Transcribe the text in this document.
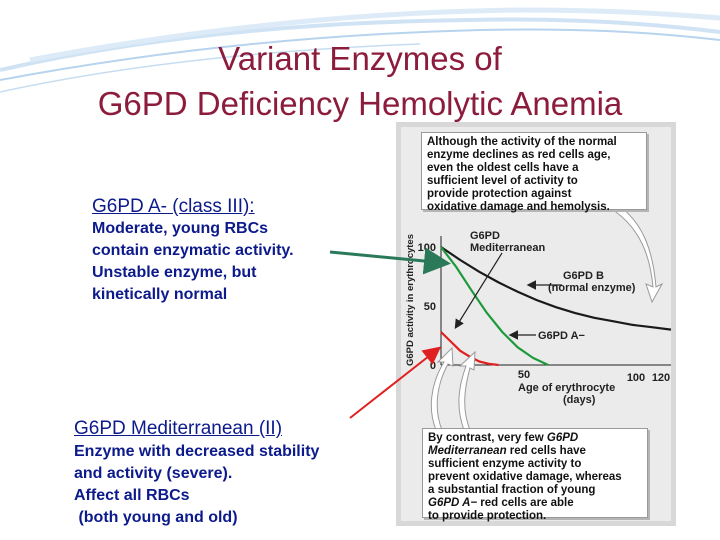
Variant Enzymes of
G6PD Deficiency Hemolytic Anemia
G6PD A- (class III):
Moderate, young RBCs
contain enzymatic activity.
Unstable enzyme, but
kinetically normal
G6PD Mediterranean (II)
Enzyme with decreased stability
and activity (severe).
Affect all RBCs
(both young and old)
G6PD activity in erythrocytes 100
50
0
50	100 120
Age of erythrocyte
(days)
G6PD
Mediterranean
G6PD B
(normal enzyme)
G6PD A−
Although the activity of the normal
enzyme declines as red cells age,
even the oldest cells have a
sufficient level of activity to
provide protection against
oxidative damage and hemolysis.
By contrast, very few G6PD
Mediterranean red cells have
sufficient enzyme activity to
prevent oxidative damage, whereas
a substantial fraction of young
G6PD A− red cells are able
to provide protection.
